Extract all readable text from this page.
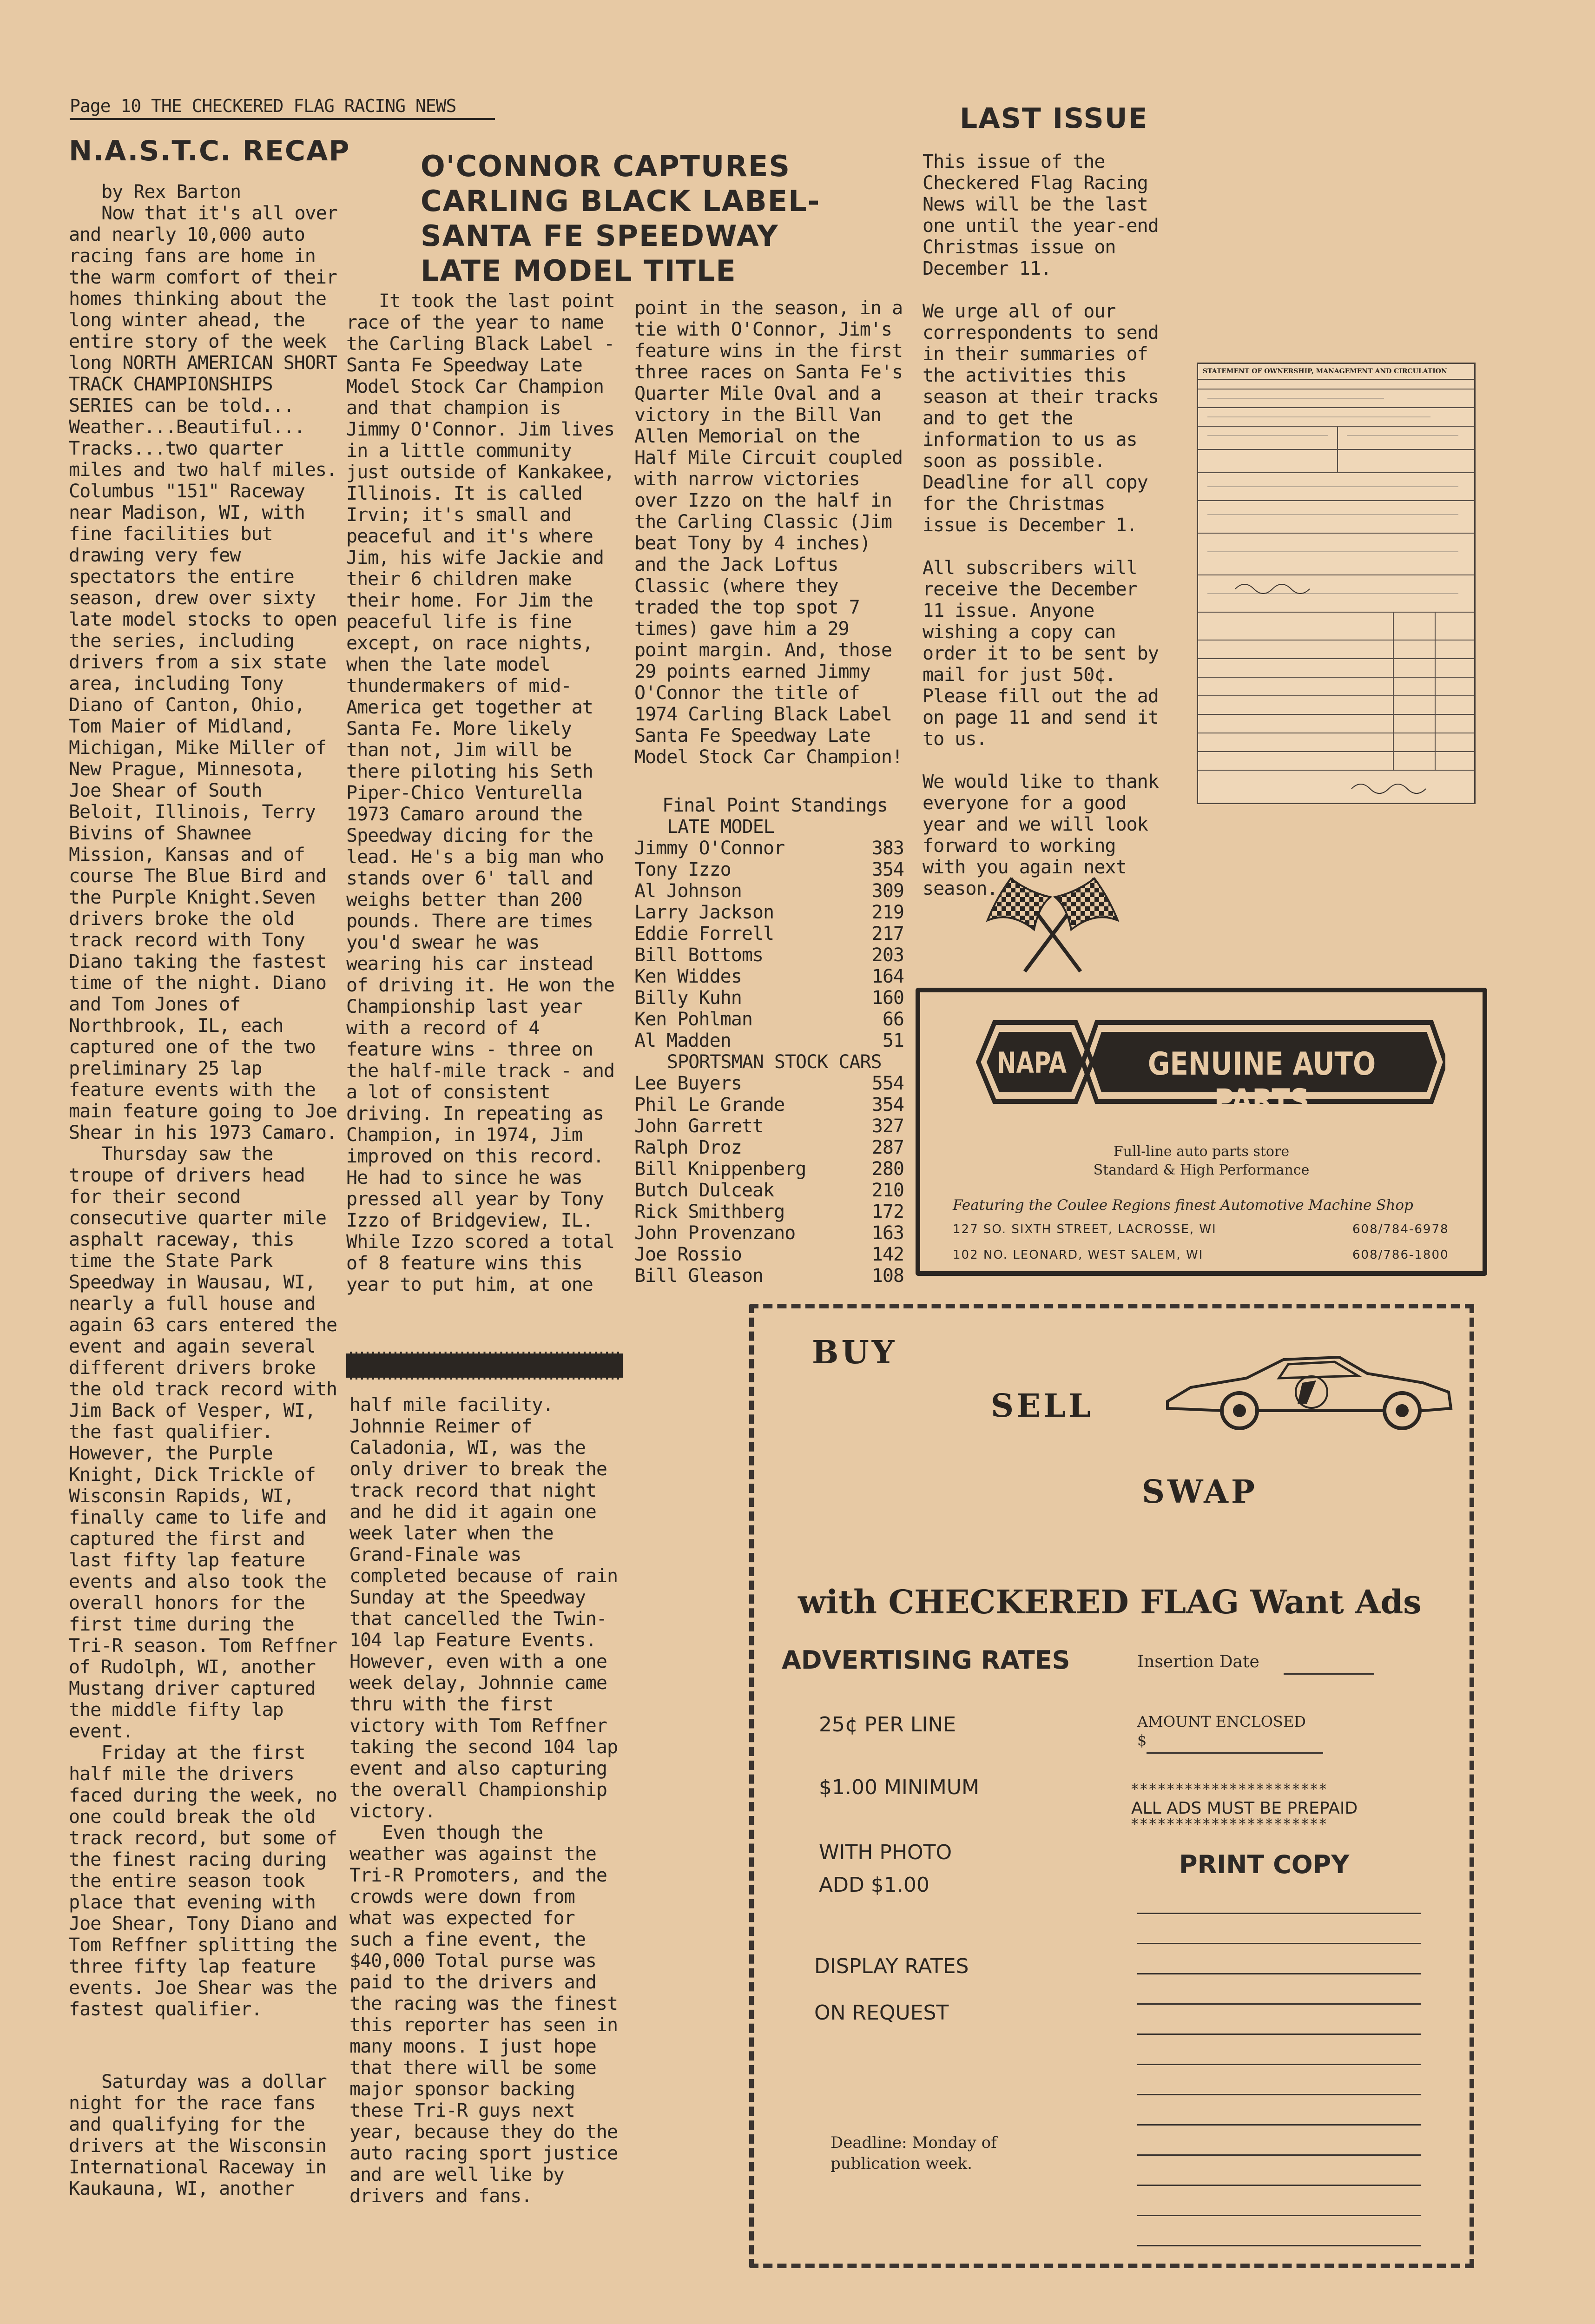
Page 10 THE CHECKERED FLAG RACING NEWS
N.A.S.T.C. RECAP

by Rex Barton

Now that it's all over and nearly 10,000 auto racing fans are home in the warm comfort of their homes thinking about the long winter ahead, the entire story of the week long NORTH AMERICAN SHORT TRACK CHAMPIONSHIPS SERIES can be told... Weather...Beautiful... Tracks...two quarter miles and two half miles. Columbus "151" Raceway near Madison, WI, with fine facilities but drawing very few spectators the entire season, drew over sixty late model stocks to open the series, including drivers from a six state area, including Tony Diano of Canton, Ohio, Tom Maier of Midland, Michigan, Mike Miller of New Prague, Minnesota, Joe Shear of South Beloit, Illinois, Terry Bivins of Shawnee Mission, Kansas and of course The Blue Bird and the Purple Knight.Seven drivers broke the old track record with Tony Diano taking the fastest time of the night. Diano and Tom Jones of Northbrook, IL, each captured one of the two preliminary 25 lap feature events with the main feature going to Joe Shear in his 1973 Camaro.

Thursday saw the troupe of drivers head for their second consecutive quarter mile asphalt raceway, this time the State Park Speedway in Wausau, WI, nearly a full house and again 63 cars entered the event and again several different drivers broke the old track record with Jim Back of Vesper, WI, the fast qualifier. However, the Purple Knight, Dick Trickle of Wisconsin Rapids, WI, finally came to life and captured the first and last fifty lap feature events and also took the overall honors for the first time during the Tri-R season. Tom Reffner of Rudolph, WI, another Mustang driver captured the middle fifty lap event.

Friday at the first half mile the drivers faced during the week, no one could break the old track record, but some of the finest racing during the entire season took place that evening with Joe Shear, Tony Diano and Tom Reffner splitting the three fifty lap feature events. Joe Shear was the fastest qualifier.

Saturday was a dollar night for the race fans and qualifying for the drivers at the Wisconsin International Raceway in Kaukauna, WI, another

O'CONNOR CAPTURES
CARLING BLACK LABEL-
SANTA FE SPEEDWAY
LATE MODEL TITLE

It took the last point race of the year to name the Carling Black Label - Santa Fe Speedway Late Model Stock Car Champion and that champion is Jimmy O'Connor. Jim lives in a little community just outside of Kankakee, Illinois. It is called Irvin; it's small and peaceful and it's where Jim, his wife Jackie and their 6 children make their home. For Jim the peaceful life is fine except, on race nights, when the late model thundermakers of mid-America get together at Santa Fe. More likely than not, Jim will be there piloting his Seth Piper-Chico Venturella 1973 Camaro around the Speedway dicing for the lead. He's a big man who stands over 6' tall and weighs better than 200 pounds. There are times you'd swear he was wearing his car instead of driving it. He won the Championship last year with a record of 4 feature wins - three on the half-mile track - and a lot of consistent driving. In repeating as Champion, in 1974, Jim improved on this record. He had to since he was pressed all year by Tony Izzo of Bridgeview, IL. While Izzo scored a total of 8 feature wins this year to put him, at one

half mile facility. Johnnie Reimer of Caladonia, WI, was the only driver to break the track record that night and he did it again one week later when the Grand-Finale was completed because of rain Sunday at the Speedway that cancelled the Twin-104 lap Feature Events. However, even with a one week delay, Johnnie came thru with the first victory with Tom Reffner taking the second 104 lap event and also capturing the overall Championship victory.

Even though the weather was against the Tri-R Promoters, and the crowds were down from what was expected for such a fine event, the $40,000 Total purse was paid to the drivers and the racing was the finest this reporter has seen in many moons. I just hope that there will be some major sponsor backing these Tri-R guys next year, because they do the auto racing sport justice and are well like by drivers and fans.

point in the season, in a tie with O'Connor, Jim's feature wins in the first three races on Santa Fe's Quarter Mile Oval and a victory in the Bill Van Allen Memorial on the Half Mile Circuit coupled with narrow victories over Izzo on the half in the Carling Classic (Jim beat Tony by 4 inches) and the Jack Loftus Classic (where they traded the top spot 7 times) gave him a 29 point margin. And, those 29 points earned Jimmy O'Connor the title of 1974 Carling Black Label Santa Fe Speedway Late Model Stock Car Champion!

Final Point Standings
LATE MODEL
Jimmy O'Connor	383
Tony Izzo	354
Al Johnson	309
Larry Jackson	219
Eddie Forrell	217
Bill Bottoms	203
Ken Widdes	164
Billy Kuhn	160
Ken Pohlman	66
Al Madden	51
SPORTSMAN STOCK CARS
Lee Buyers	554
Phil Le Grande	354
John Garrett	327
Ralph Droz	287
Bill Knippenberg	280
Butch Dulceak	210
Rick Smithberg	172
John Provenzano	163
Joe Rossio	142
Bill Gleason	108
LAST ISSUE

This issue of the Checkered Flag Racing News will be the last one until the year-end Christmas issue on December 11.

We urge all of our correspondents to send in their summaries of the activities this season at their tracks and to get the information to us as soon as possible. Deadline for all copy for the Christmas issue is December 1.

All subscribers will receive the December 11 issue. Anyone wishing a copy can order it to be sent by mail for just 50¢. Please fill out the ad on page 11 and send it to us.

We would like to thank everyone for a good year and we will look forward to working with you again next season.

STATEMENT OF OWNERSHIP, MANAGEMENT AND CIRCULATION
NAPA	GENUINE AUTO PARTS
Full-line auto parts store
Standard & High Performance
Featuring the Coulee Regions finest Automotive Machine Shop
127 SO. SIXTH STREET, LACROSSE, WI	608/784-6978
102 NO. LEONARD, WEST SALEM, WI	608/786-1800
BUY
SELL
SWAP
with CHECKERED FLAG Want Ads
ADVERTISING RATES
25¢ PER LINE
$1.00 MINIMUM
WITH PHOTO
ADD $1.00
DISPLAY RATES
ON REQUEST
Deadline: Monday of
publication week.
Insertion Date
AMOUNT ENCLOSED
$
**********************
ALL ADS MUST BE PREPAID
**********************
PRINT COPY
